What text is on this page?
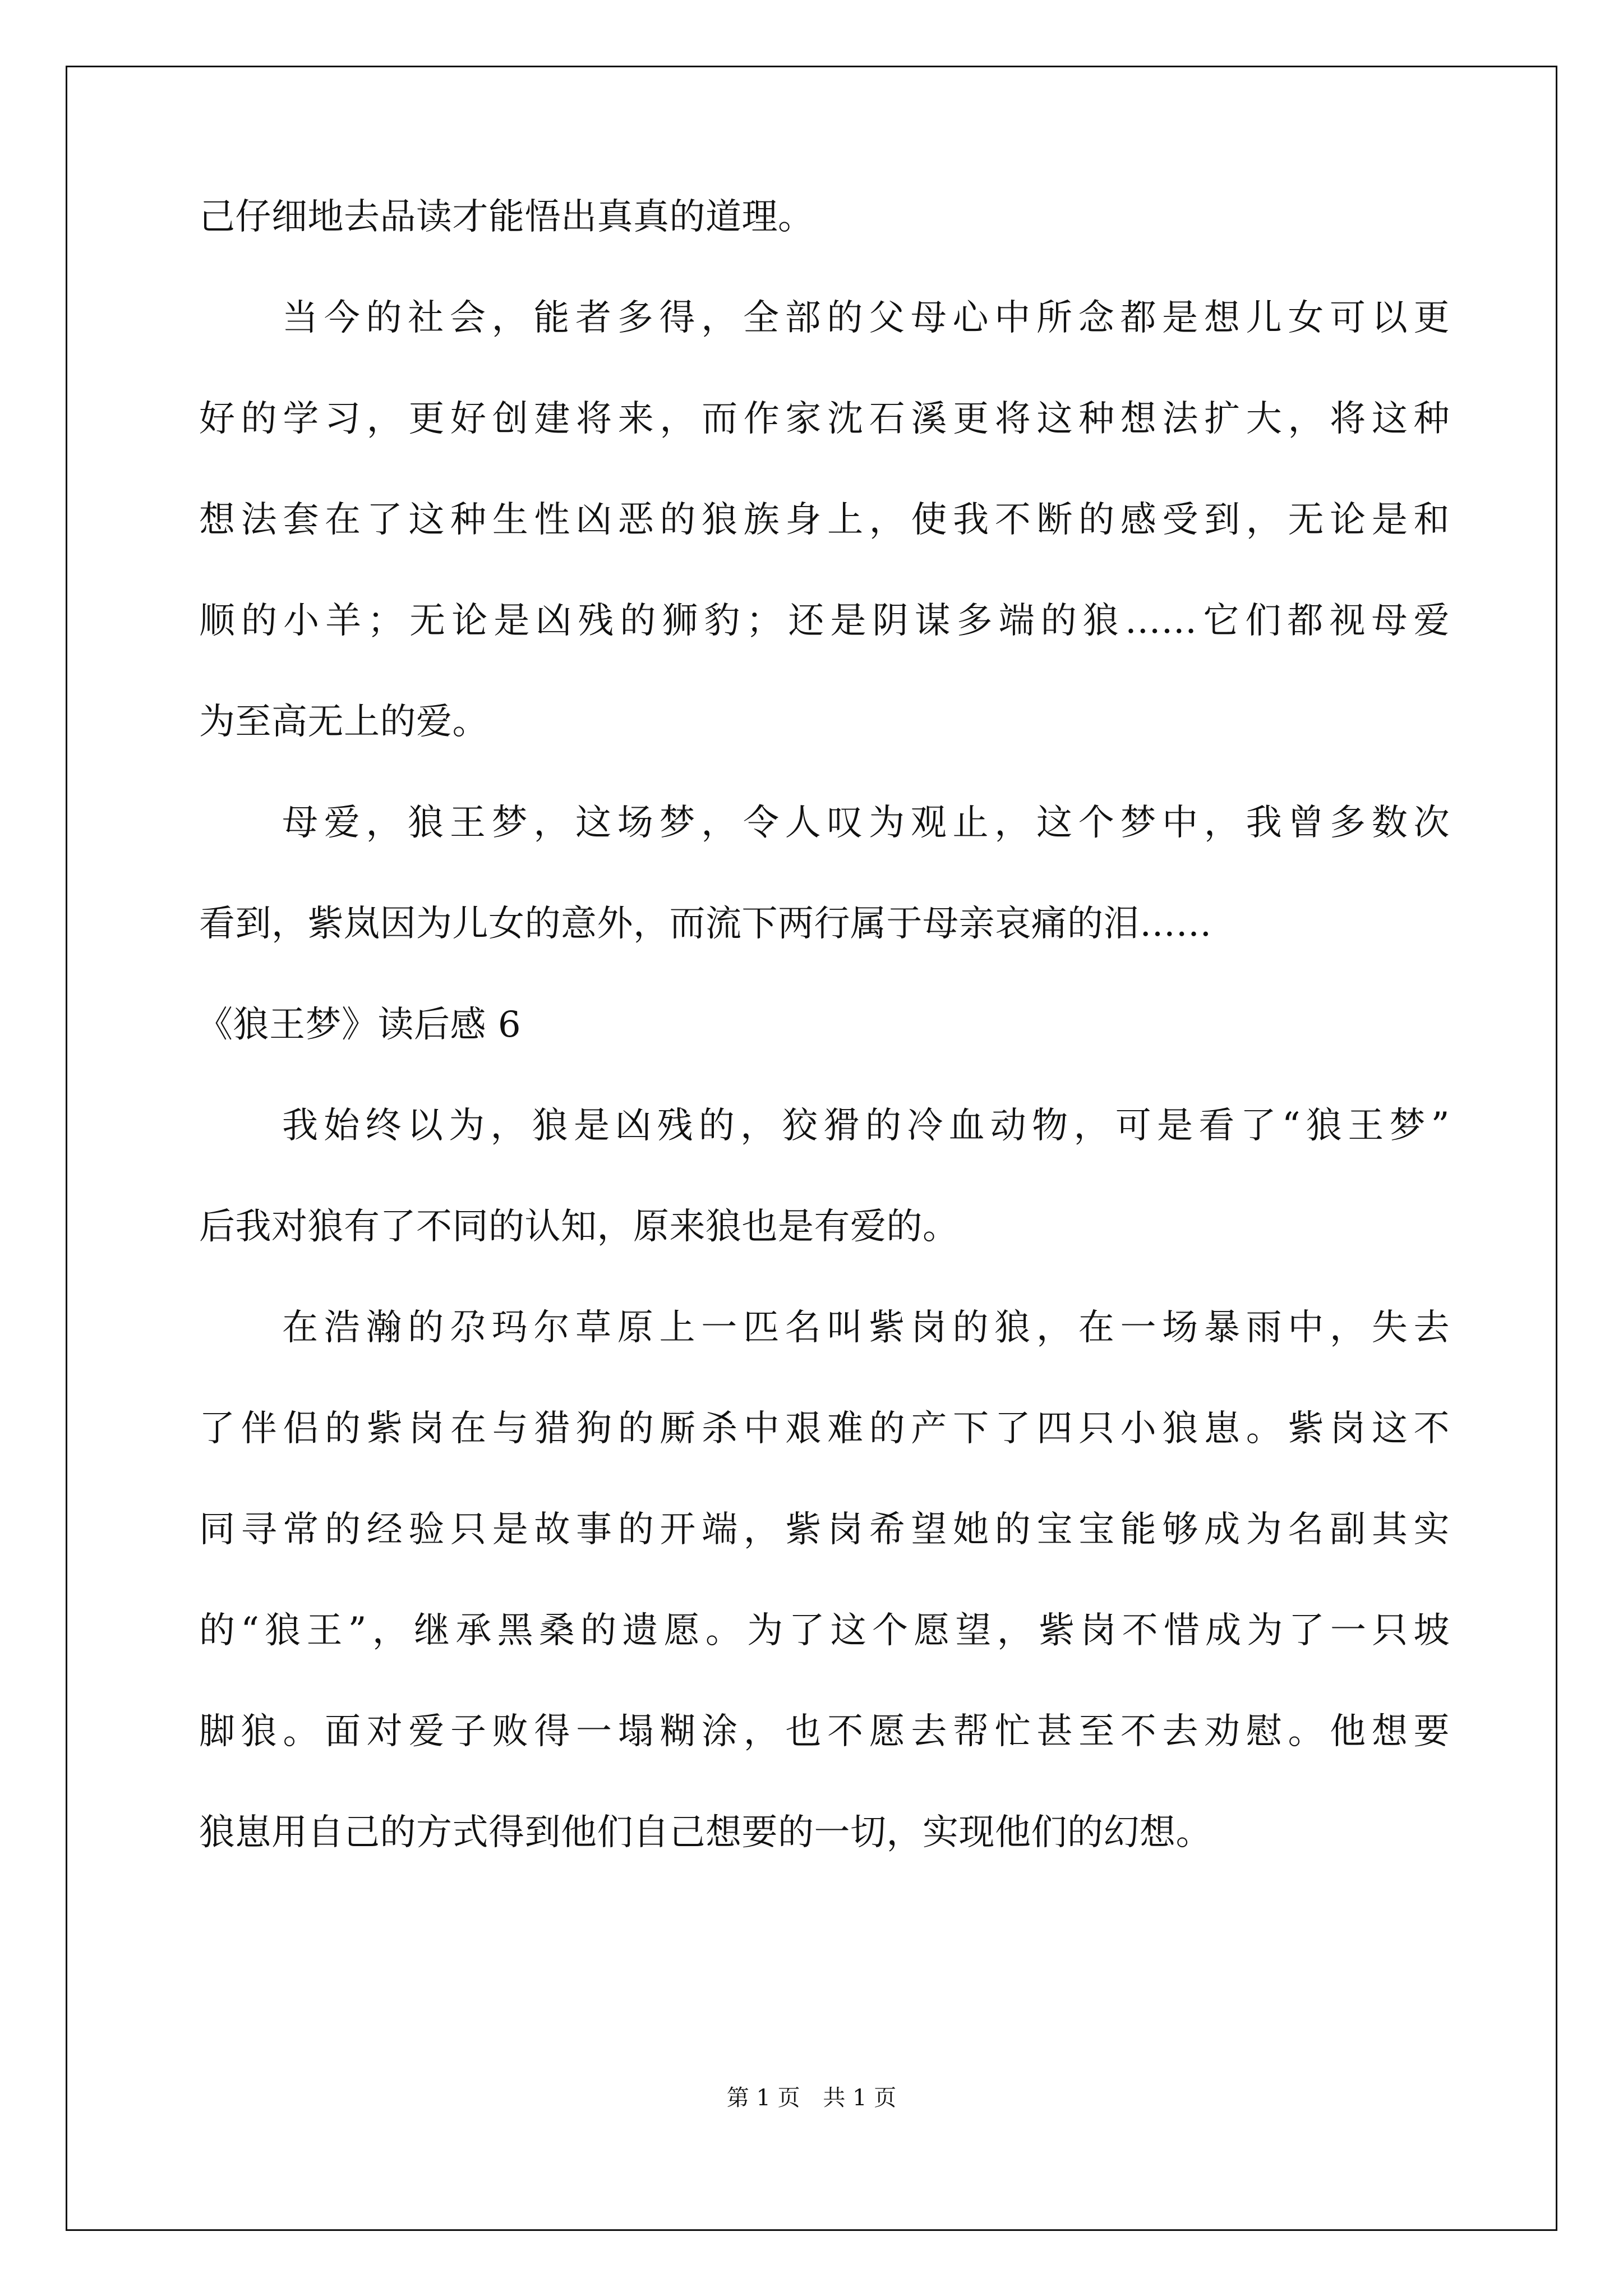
己仔细地去品读才能悟出真真的道理。
当今的社会，能者多得，全部的父母心中所念都是想儿女可以更
好的学习，更好创建将来，而作家沈石溪更将这种想法扩大，将这种
想法套在了这种生性凶恶的狼族身上，使我不断的感受到，无论是和
顺的小羊；无论是凶残的狮豹；还是阴谋多端的狼……它们都视母爱
为至高无上的爱。
母爱，狼王梦，这场梦，令人叹为观止，这个梦中，我曾多数次
看到，紫岚因为儿女的意外，而流下两行属于母亲哀痛的泪……
《狼王梦》读后感 6
我始终以为，狼是凶残的，狡猾的冷血动物，可是看了“狼王梦”
后我对狼有了不同的认知，原来狼也是有爱的。
在浩瀚的尕玛尔草原上一匹名叫紫岗的狼，在一场暴雨中，失去
了伴侣的紫岗在与猎狗的厮杀中艰难的产下了四只小狼崽。紫岗这不
同寻常的经验只是故事的开端，紫岗希望她的宝宝能够成为名副其实
的“狼王”，继承黑桑的遗愿。为了这个愿望，紫岗不惜成为了一只坡
脚狼。面对爱子败得一塌糊涂，也不愿去帮忙甚至不去劝慰。他想要
狼崽用自己的方式得到他们自己想要的一切，实现他们的幻想。
第 1 页 共 1 页
